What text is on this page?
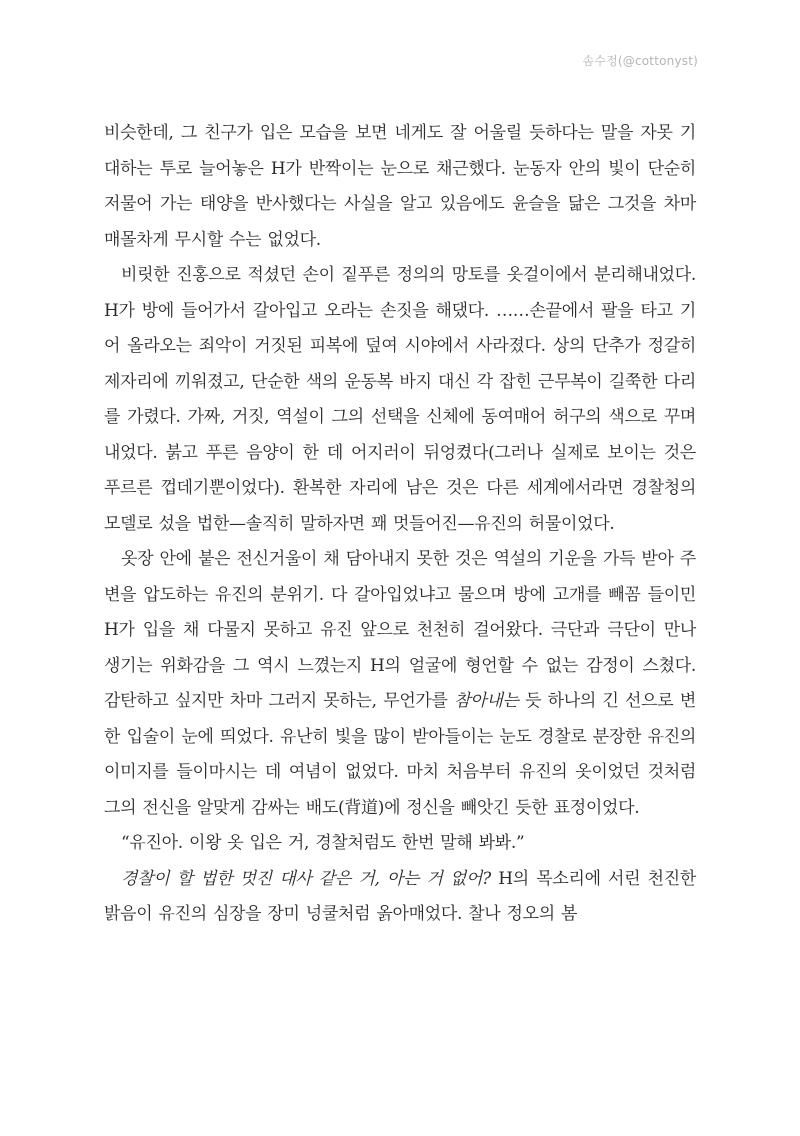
솜수정(@cottonyst)

비슷한데, 그 친구가 입은 모습을 보면 네게도 잘 어울릴 듯하다는 말을 자못 기대하는 투로 늘어놓은 H가 반짝이는 눈으로 채근했다. 눈동자 안의 빛이 단순히 저물어 가는 태양을 반사했다는 사실을 알고 있음에도 윤슬을 닮은 그것을 차마 매몰차게 무시할 수는 없었다.

비릿한 진홍으로 적셨던 손이 짙푸른 정의의 망토를 옷걸이에서 분리해내었다. H가 방에 들어가서 갈아입고 오라는 손짓을 해댔다. ……손끝에서 팔을 타고 기어 올라오는 죄악이 거짓된 피복에 덮여 시야에서 사라졌다. 상의 단추가 정갈히 제자리에 끼워졌고, 단순한 색의 운동복 바지 대신 각 잡힌 근무복이 길쭉한 다리를 가렸다. 가짜, 거짓, 역설이 그의 선택을 신체에 동여매어 허구의 색으로 꾸며내었다. 붉고 푸른 음양이 한 데 어지러이 뒤엉켰다(그러나 실제로 보이는 것은 푸르른 껍데기뿐이었다). 환복한 자리에 남은 것은 다른 세계에서라면 경찰청의 모델로 섰을 법한—솔직히 말하자면 꽤 멋들어진—유진의 허물이었다.

옷장 안에 붙은 전신거울이 채 담아내지 못한 것은 역설의 기운을 가득 받아 주변을 압도하는 유진의 분위기. 다 갈아입었냐고 물으며 방에 고개를 빼꼼 들이민 H가 입을 채 다물지 못하고 유진 앞으로 천천히 걸어왔다. 극단과 극단이 만나 생기는 위화감을 그 역시 느꼈는지 H의 얼굴에 형언할 수 없는 감정이 스쳤다. 감탄하고 싶지만 차마 그러지 못하는, 무언가를 참아내는 듯 하나의 긴 선으로 변한 입술이 눈에 띄었다. 유난히 빛을 많이 받아들이는 눈도 경찰로 분장한 유진의 이미지를 들이마시는 데 여념이 없었다. 마치 처음부터 유진의 옷이었던 것처럼 그의 전신을 알맞게 감싸는 배도(背道)에 정신을 빼앗긴 듯한 표정이었다.

“유진아. 이왕 옷 입은 거, 경찰처럼도 한번 말해 봐봐.”

경찰이 할 법한 멋진 대사 같은 거, 아는 거 없어? H의 목소리에 서린 천진한 밝음이 유진의 심장을 장미 넝쿨처럼 옭아매었다. 찰나 정오의 봄
